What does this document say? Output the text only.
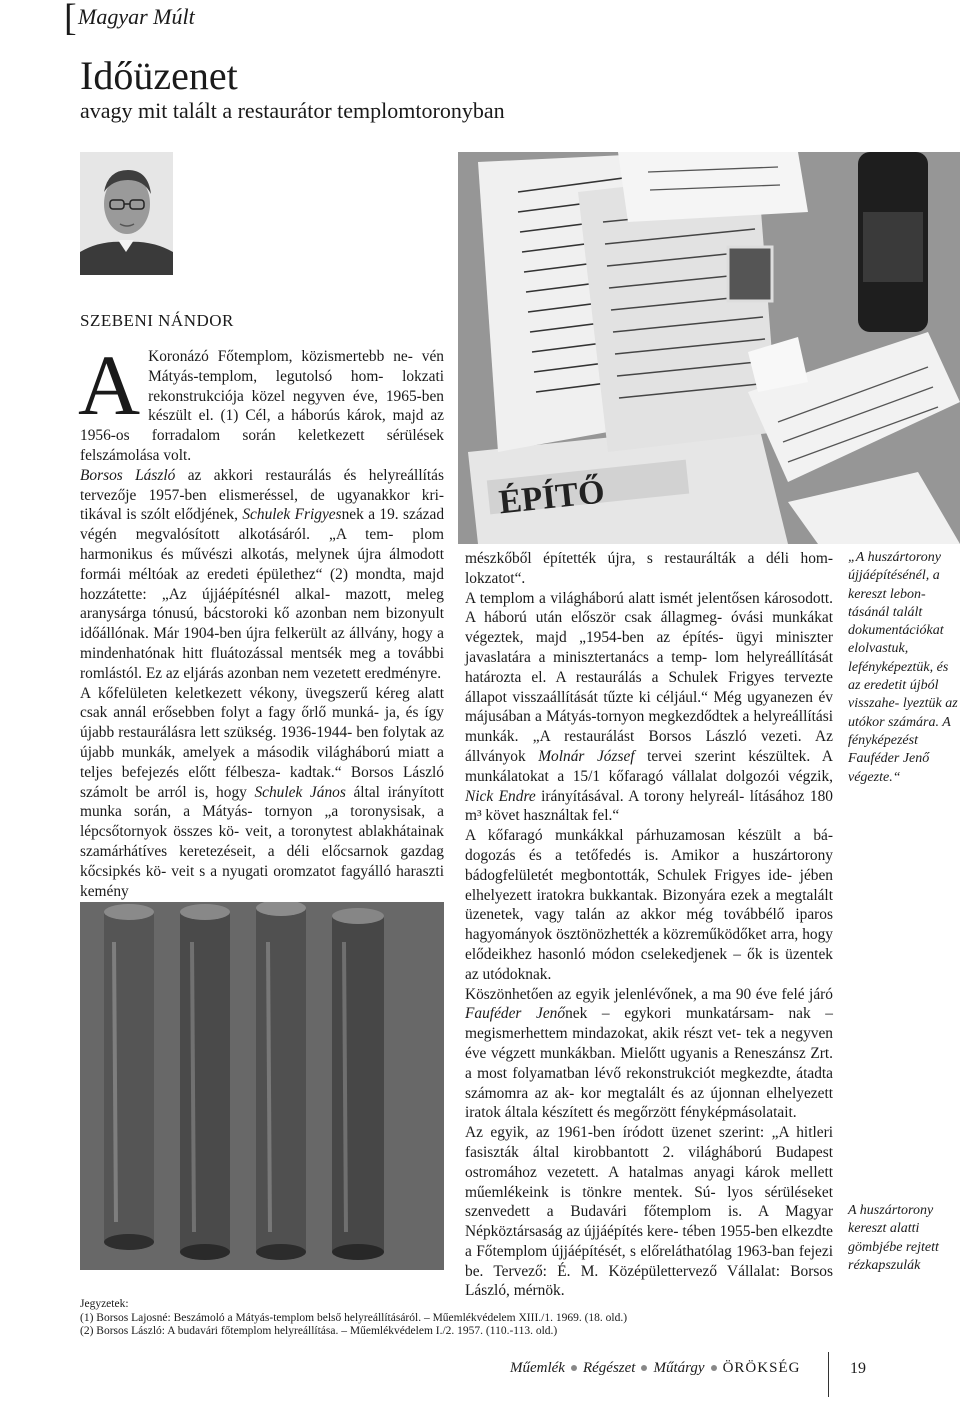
[ Magyar Múlt
Időüzenet
avagy mit talált a restaurátor templomtoronyban
SZEBENI NÁNDOR

A Koronázó Főtemplom, közismertebb ne- vén Mátyás-templom, legutolsó hom- lokzati rekonstrukciója közel negyven éve, 1965-ben készült el. (1) Cél, a háborús károk, majd az 1956-os forradalom során keletkezett sérülések felszámolása volt.

Borsos László az akkori restaurálás és helyreállítás tervezője 1957-ben elismeréssel, de ugyanakkor kri- tikával is szólt elődjének, Schulek Frigyesnek a 19. század végén megvalósított alkotásáról. „A tem- plom harmonikus és művészi alkotás, melynek újra álmodott formái méltóak az eredeti épülethez“ (2) mondta, majd hozzátette: „Az újjáépítésnél alkal- mazott, meleg aranysárga tónusú, bácstoroki kő azonban nem bizonyult időállónak. Már 1904-ben újra felkerült az állvány, hogy a mindenhatónak hitt fluátozással mentsék meg a további romlástól. Ez az eljárás azonban nem vezetett eredményre.

A kőfelületen keletkezett vékony, üvegszerű kéreg alatt csak annál erősebben folyt a fagy őrlő munká- ja, és így újabb restaurálásra lett szükség. 1936-1944- ben folytak az újabb munkák, amelyek a második világháború miatt a teljes befejezés előtt félbesza- kadtak.“ Borsos László számolt be arról is, hogy Schulek János által irányított munka során, a Mátyás- tornyon „a toronysisak, a lépcsőtornyok összes kö- veit, a toronytest ablakhátainak szamárhátíves keretezéseit, a déli előcsarnok gazdag kőcsipkés kö- veit s a nyugati oromzatot fagyálló haraszti kemény

ÉPÍTŐ

mészkőből építették újra, s restaurálták a déli hom- lokzatot“.

A templom a világháború alatt ismét jelentősen károsodott. A háború után először csak állagmeg- óvási munkákat végeztek, majd „1954-ben az építés- ügyi miniszter javaslatára a minisztertanács a temp- lom helyreállítását határozta el. A restaurálás a Schulek Frigyes tervezte állapot visszaállítását tűzte ki céljául.“ Még ugyanezen év májusában a Mátyás-tornyon megkezdődtek a helyreállítási munkák. „A restaurálást Borsos László vezeti. Az állványok Molnár József tervei szerint készültek. A munkálatokat a 15/1 kőfaragó vállalat dolgozói végzik, Nick Endre irányításával. A torony helyreál- lításához 180 m³ követ használtak fel.“

A kőfaragó munkákkal párhuzamosan készült a bá- dogozás és a tetőfedés is. Amikor a huszártorony bádogfelületét megbontották, Schulek Frigyes ide- jében elhelyezett iratokra bukkantak. Bizonyára ezek a megtalált üzenetek, vagy talán az akkor még továbbélő iparos hagyományok ösztönözhették a közreműködőket arra, hogy elődeikhez hasonló módon cselekedjenek – ők is üzentek az utódoknak.

Köszönhetően az egyik jelenlévőnek, a ma 90 éve felé járó Fauféder Jenőnek – egykori munkatársam- nak – megismerhettem mindazokat, akik részt vet- tek a negyven éve végzett munkákban. Mielőtt ugyanis a Reneszánsz Zrt. a most folyamatban lévő rekonstrukciót megkezdte, átadta számomra az ak- kor megtalált és az újonnan elhelyezett iratok általa készített és megőrzött fényképmásolatait.

Az egyik, az 1961-ben íródott üzenet szerint: „A hitleri fasiszták által kirobbantott 2. világháború Budapest ostromához vezetett. A hatalmas anyagi károk mellett műemlékeink is tönkre mentek. Sú- lyos sérüléseket szenvedett a Budavári főtemplom is. A Magyar Népköztársaság az újjáépítés kere- tében 1955-ben elkezdte a Főtemplom újjáépítését, s előreláthatólag 1963-ban fejezi be. Tervező: É. M. Középülettervező Vállalat: Borsos László, mérnök.

„A huszártorony újjáépítésénél, a kereszt lebon- tásánál talált dokumentációkat elolvastuk, lefényképeztük, és az eredetit újból visszahe- lyeztük az utókor számára. A fényképezést Fauféder Jenő végezte.“
A huszártorony kereszt alatti gömbjébe rejtett rézkapszulák
Jegyzetek:
(1) Borsos Lajosné: Beszámoló a Mátyás-templom belső helyreállításáról. – Műemlékvédelem XIII./1. 1969. (18. old.)
(2) Borsos László: A budavári főtemplom helyreállítása. – Műemlékvédelem I./2. 1957. (110.-113. old.)
Műemlék Régészet Műtárgy ÖRÖKSÉG	19
